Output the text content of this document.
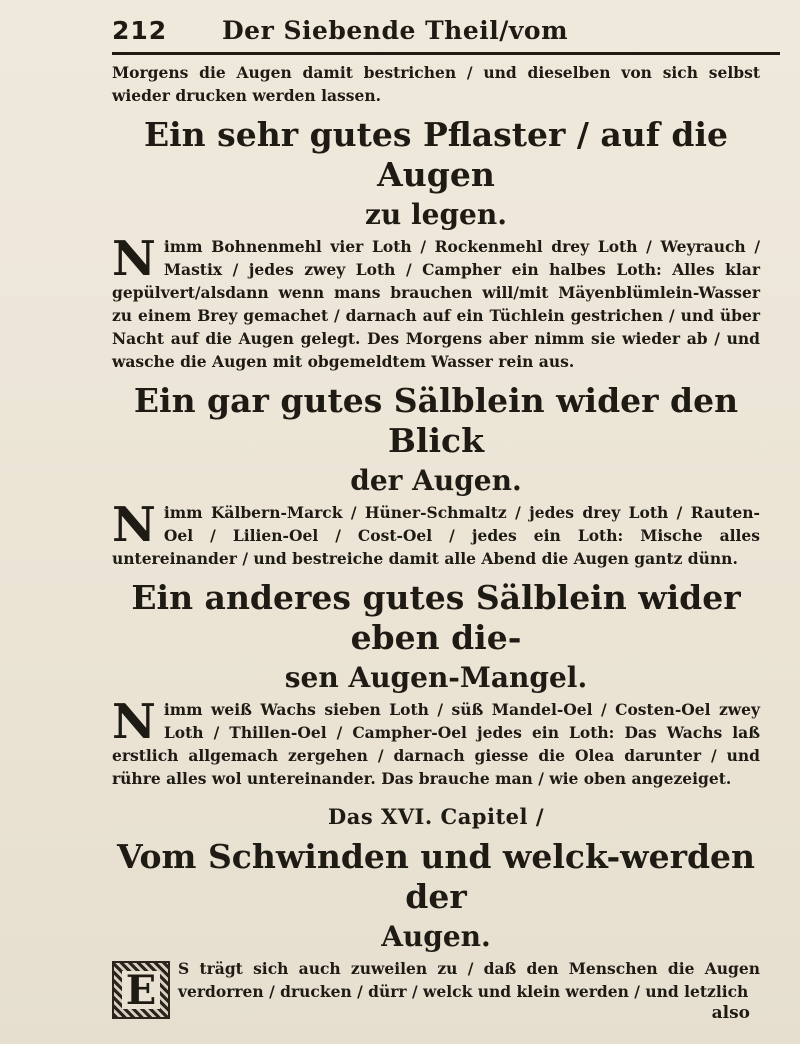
212	Der Siebende Theil/vom

Morgens die Augen damit bestrichen / und dieselben von sich selbst wieder drucken werden lassen.

Ein sehr gutes Pflaster / auf die Augen
zu legen.

Nimm Bohnenmehl vier Loth / Rockenmehl drey Loth / Weyrauch / Mastix / jedes zwey Loth / Campher ein halbes Loth: Alles klar gepülvert/alsdann wenn mans brauchen will/mit Mäyenblümlein-Wasser zu einem Brey gemachet / darnach auf ein Tüchlein gestrichen / und über Nacht auf die Augen gelegt. Des Morgens aber nimm sie wieder ab / und wasche die Augen mit obgemeldtem Wasser rein aus.

Ein gar gutes Sälblein wider den Blick
der Augen.

Nimm Kälbern-Marck / Hüner-Schmaltz / jedes drey Loth / Rauten-Oel / Lilien-Oel / Cost-Oel / jedes ein Loth: Mische alles untereinander / und bestreiche damit alle Abend die Augen gantz dünn.

Ein anderes gutes Sälblein wider eben die-
sen Augen-Mangel.

Nimm weiß Wachs sieben Loth / süß Mandel-Oel / Costen-Oel zwey Loth / Thillen-Oel / Campher-Oel jedes ein Loth: Das Wachs laß erstlich allgemach zergehen / darnach giesse die Olea darunter / und rühre alles wol untereinander. Das brauche man / wie oben angezeiget.

Das XVI. Capitel /
Vom Schwinden und welck-werden der
Augen.

E S trägt sich auch zuweilen zu / daß den Menschen die Augen verdorren / drucken / dürr / welck und klein werden / und letzlich

also
